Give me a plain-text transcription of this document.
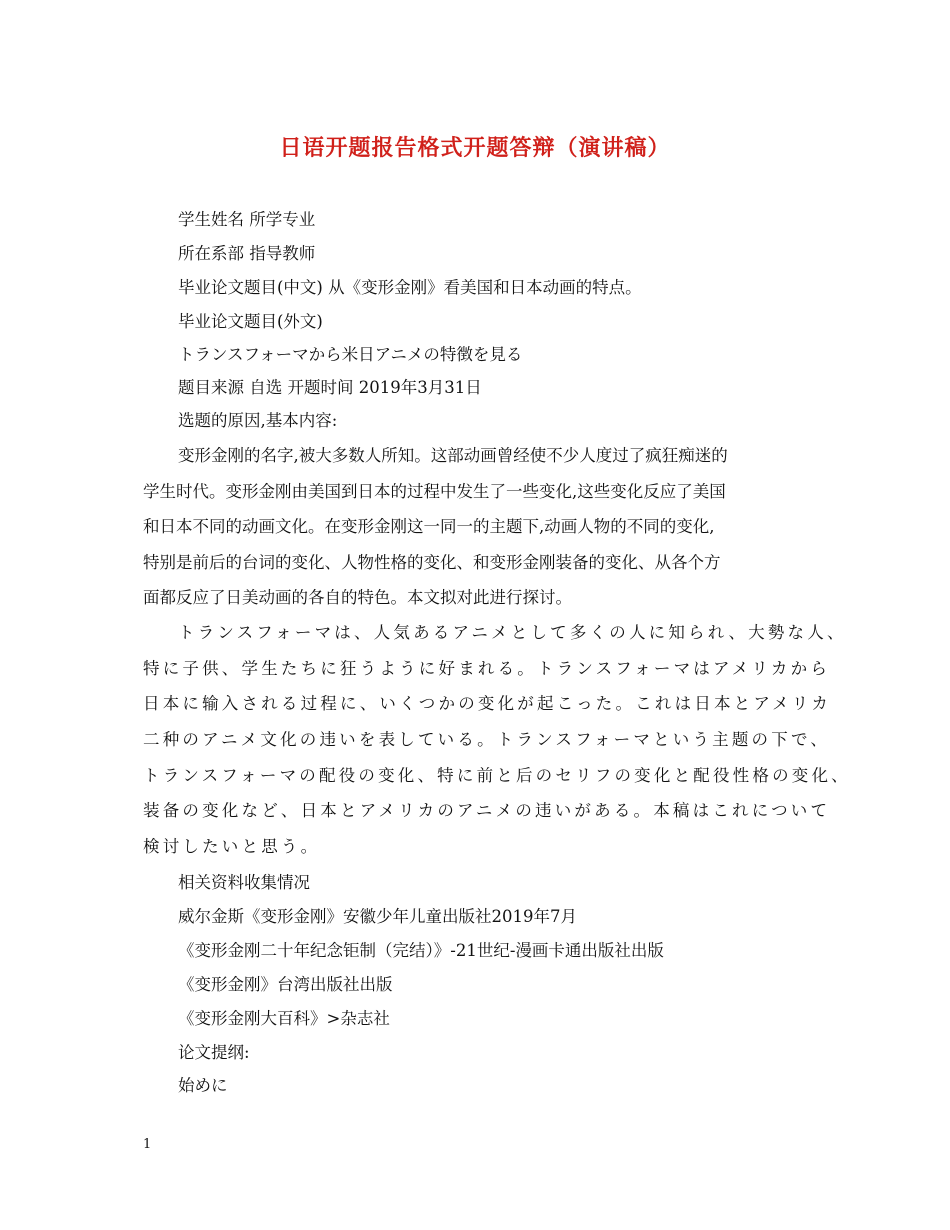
日语开题报告格式开题答辩（演讲稿）
学生姓名 所学专业
所在系部 指导教师
毕业论文题目(中文) 从《变形金刚》看美国和日本动画的特点。
毕业论文题目(外文)
トランスフォーマから米日アニメの特徴を見る
题目来源 自选 开题时间 2019年3月31日
选题的原因,基本内容:
变形金刚的名字,被大多数人所知。这部动画曾经使不少人度过了疯狂痴迷的
学生时代。变形金刚由美国到日本的过程中发生了一些变化,这些变化反应了美国
和日本不同的动画文化。在变形金刚这一同一的主题下,动画人物的不同的变化,
特别是前后的台词的变化、人物性格的变化、和变形金刚装备的变化、从各个方
面都反应了日美动画的各自的特色。本文拟对此进行探讨。
トランスフォーマは、人気あるアニメとして多くの人に知られ、大勢な人、
特に子供、学生たちに狂うように好まれる。トランスフォーマはアメリカから
日本に输入される过程に、いくつかの变化が起こった。これは日本とアメリカ
二种のアニメ文化の违いを表している。トランスフォーマという主题の下で、
トランスフォーマの配役の变化、特に前と后のセリフの变化と配役性格の变化、
装备の变化など、日本とアメリカのアニメの违いがある。本稿はこれについて
検讨したいと思う。
相关资料收集情况
威尔金斯《变形金刚》安徽少年儿童出版社2019年7月
《变形金刚二十年纪念钜制（完结）》-21世纪-漫画卡通出版社出版
《变形金刚》台湾出版社出版
《变形金刚大百科》>杂志社
论文提纲:
始めに
1
